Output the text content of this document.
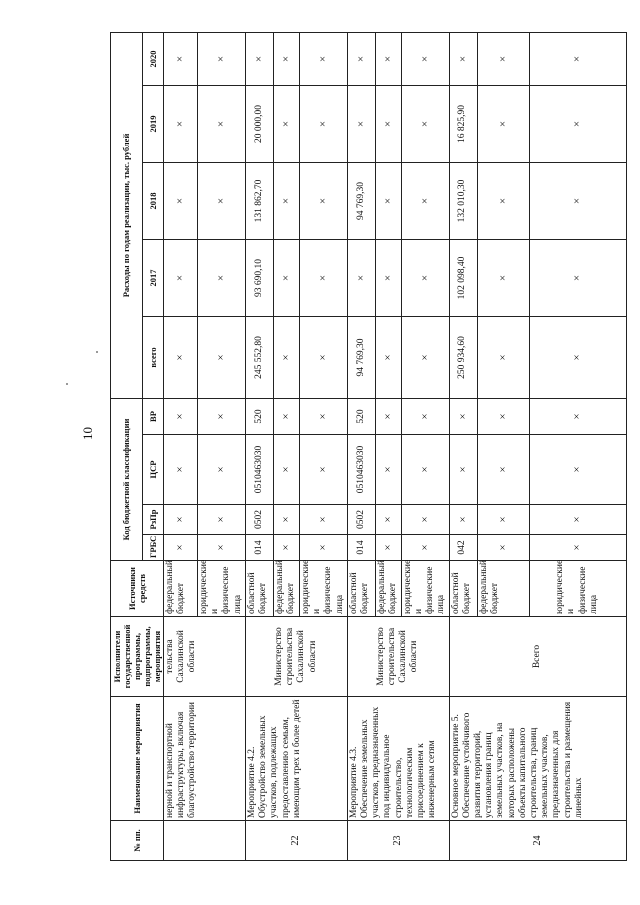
10
№ пп.	Наименование мероприятия	Исполнители государственной программы, подпрограммы, мероприятия	Источники средств	Код бюджетной классификации				Расходы по годам реализации, тыс. рублей				
				ГРБС	РзПр	ЦСР	ВР	всего	2017	2018	2019	2020

	нерной и транспортной инфраструктуры, включая благоустройство территории	тельства Сахалинской области	федеральный бюджет	×	×	×	×	×	×	×	×	×
			юридические и физические лица	×	×	×	×	×	×	×	×	×
22	Мероприятие 4.2. Обустройство земельных участков, подлежащих предоставлению семьям, имеющим трех и более детей	Министерство строительства Сахалинской области	областной бюджет	014	0502	0510463030	520	245 552,80	93 690,10	131 862,70	20 000,00	×
			федеральный бюджет	×	×	×	×	×	×	×	×	×
			юридические и физические лица	×	×	×	×	×	×	×	×	×
23	Мероприятие 4.3. Обеспечение земельных участков, предназначенных под индивидуальное строительство, технологическим присоединением к инженерным сетям	Министерство строительства Сахалинской области	областной бюджет	014	0502	0510463030	520	94 769,30	×	94 769,30	×	×
			федеральный бюджет	×	×	×	×	×	×	×	×	×
			юридические и физические лица	×	×	×	×	×	×	×	×	×
24	Основное мероприятие 5. Обеспечение устойчивого развития территорий, установления границ земельных участков, на которых расположены объекты капитального строительства, границ земельных участков, предназначенных для строительства и размещения линейных	Всего	областной бюджет	042	×	×	×	250 934,60	102 098,40	132 010,30	16 825,90	×
			федеральный бюджет	×	×	×	×	×	×	×	×	×
			юридические и физические лица	×	×	×	×	×	×	×	×	×
